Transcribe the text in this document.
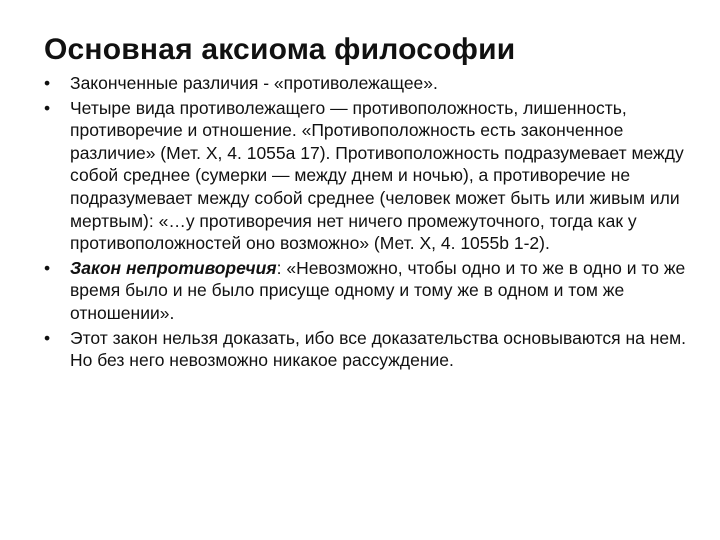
Основная аксиома философии
•	Законченные различия - «противолежащее».
•	Четыре вида противолежащего — противоположность, лишенность, противоречие и отношение. «Противоположность есть законченное различие» (Мет. X, 4. 1055a 17). Противоположность подразумевает между собой среднее (сумерки — между днем и ночью), а противоречие не подразумевает между собой среднее (человек может быть или живым или мертвым): «…у противоречия нет ничего промежуточного, тогда как у противоположностей оно возможно» (Мет. X, 4. 1055b 1-2).
•	Закон непротиворечия: «Невозможно, чтобы одно и то же в одно и то же время было и не было присуще одному и тому же в одном и том же отношении».
•	Этот закон нельзя доказать, ибо все доказательства основываются на нем. Но без него невозможно никакое рассуждение.
